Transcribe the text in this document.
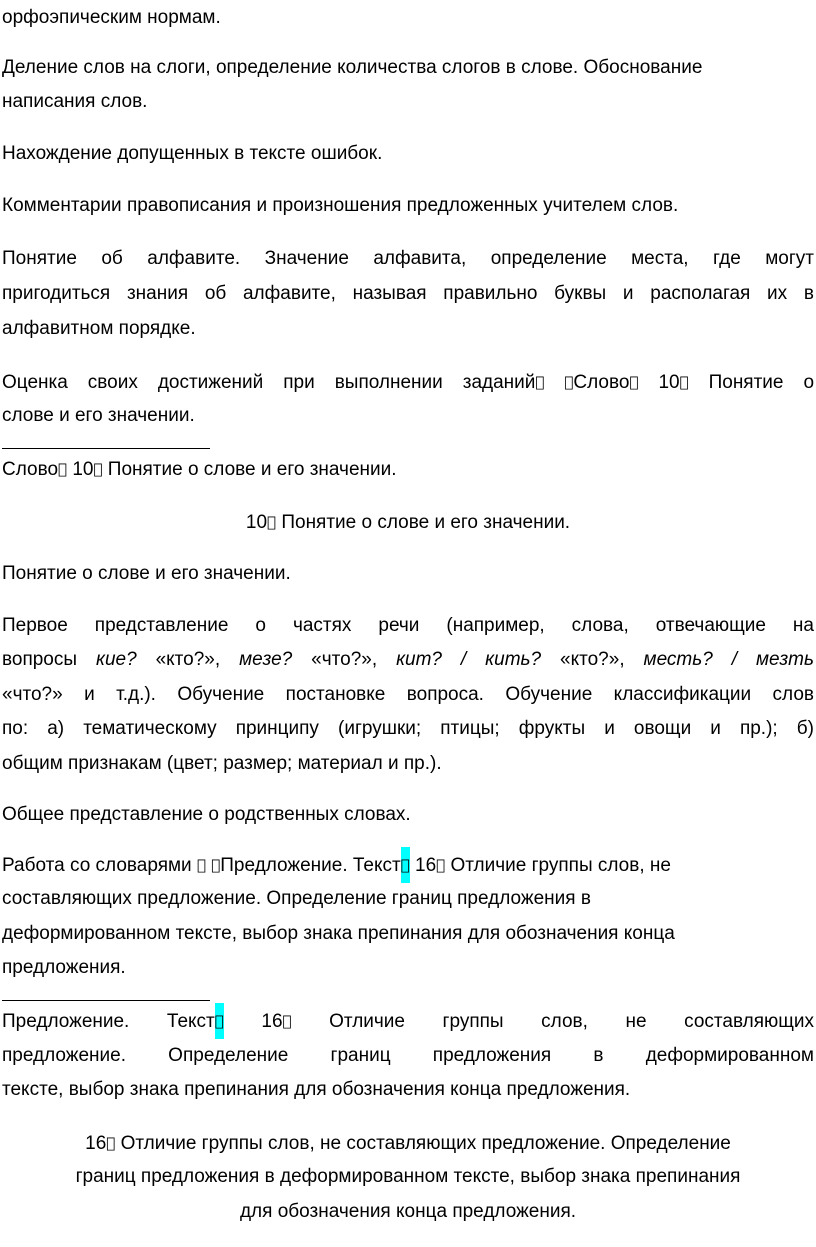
орфоэпическим нормам.

Деление слов на слоги, определение количества слогов в слове. Обоснование

написания слов.

Нахождение допущенных в тексте ошибок.

Комментарии правописания и произношения предложенных учителем слов.

Понятие об алфавите. Значение алфавита, определение места, где могут

пригодиться знания об алфавите, называя правильно буквы и располагая их в

алфавитном порядке.

Оценка своих достижений при выполнении заданий Слово 10 Понятие о

слове и его значении.

Слово 10 Понятие о слове и его значении.

10 Понятие о слове и его значении.

Понятие о слове и его значении.

Первое представление о частях речи (например, слова, отвечающие на

вопросы кие? «кто?», мезе? «что?», кит? / кить? «кто?», месть? / мезть

«что?» и т.д.). Обучение постановке вопроса. Обучение классификации слов

по: а) тематическому принципу (игрушки; птицы; фрукты и овощи и пр.); б)

общим признакам (цвет; размер; материал и пр.).

Общее представление о родственных словах.

Работа со словарями Предложение. Текст 16 Отличие группы слов, не

составляющих предложение. Определение границ предложения в

деформированном тексте, выбор знака препинания для обозначения конца

предложения.

Предложение. Текст 16 Отличие группы слов, не составляющих

предложение. Определение границ предложения в деформированном

тексте, выбор знака препинания для обозначения конца предложения.

16 Отличие группы слов, не составляющих предложение. Определение

границ предложения в деформированном тексте, выбор знака препинания

для обозначения конца предложения.
